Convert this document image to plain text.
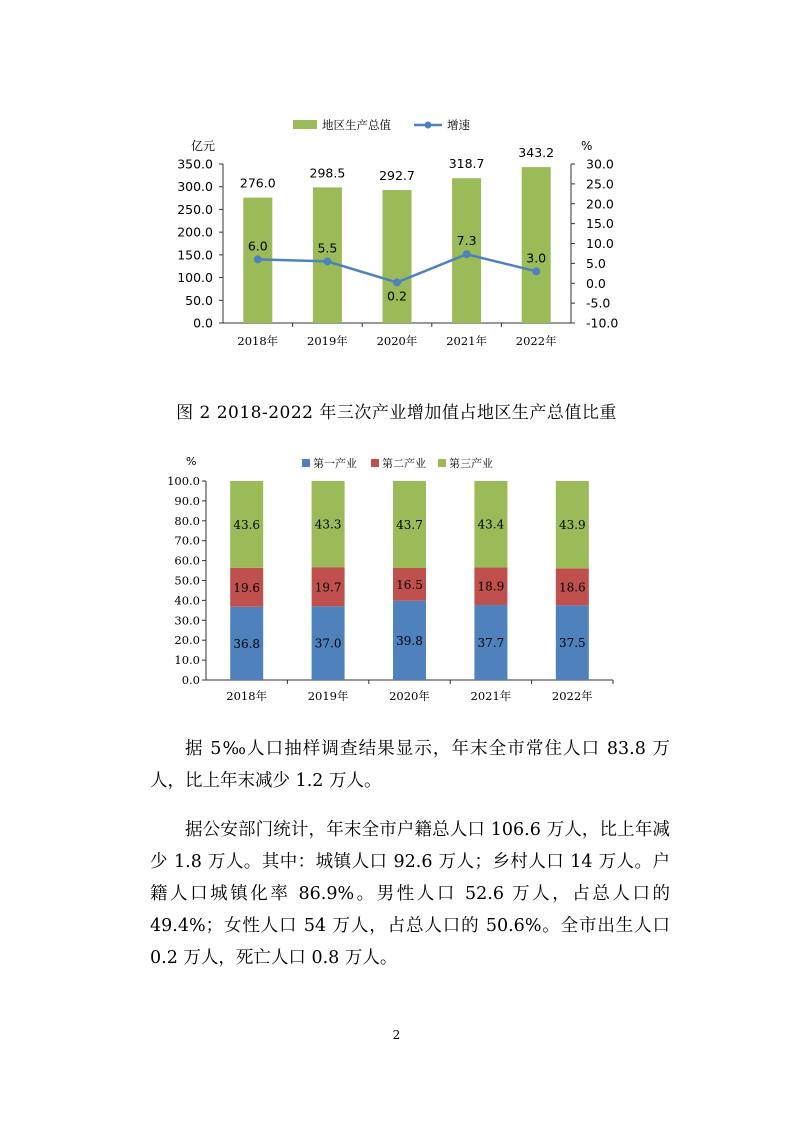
地区生产总值	增速
亿元	%
350.0
300.0
250.0
200.0
150.0
100.0
50.0
0.0
30.0
25.0
20.0
15.0
10.0
5.0
0.0
-5.0
-10.0
276.0
2018年
298.5
2019年
292.7
2020年
318.7
2021年
343.2
2022年
6.0	5.5
0.2
7.3
3.0
图 2 2018-2022 年三次产业增加值占地区生产总值比重
第一产业 第二产业 第三产业
%
100.0
90.0
80.0
70.0
60.0
50.0
40.0
30.0
20.0
10.0
0.0
36.8
19.6
43.6
2018年
37.0
19.7
43.3
2019年
39.8
16.5
43.7
2020年
37.7
18.9
43.4
2021年
37.5
18.6
43.9
2022年

据 5‰人口抽样调查结果显示，年末全市常住人口 83.8 万人，比上年末减少 1.2 万人。

据公安部门统计，年末全市户籍总人口 106.6 万人，比上年减少 1.8 万人。其中：城镇人口 92.6 万人；乡村人口 14 万人。户籍人口城镇化率 86.9%。男性人口 52.6 万人，占总人口的 49.4%；女性人口 54 万人，占总人口的 50.6%。全市出生人口 0.2 万人，死亡人口 0.8 万人。

2
